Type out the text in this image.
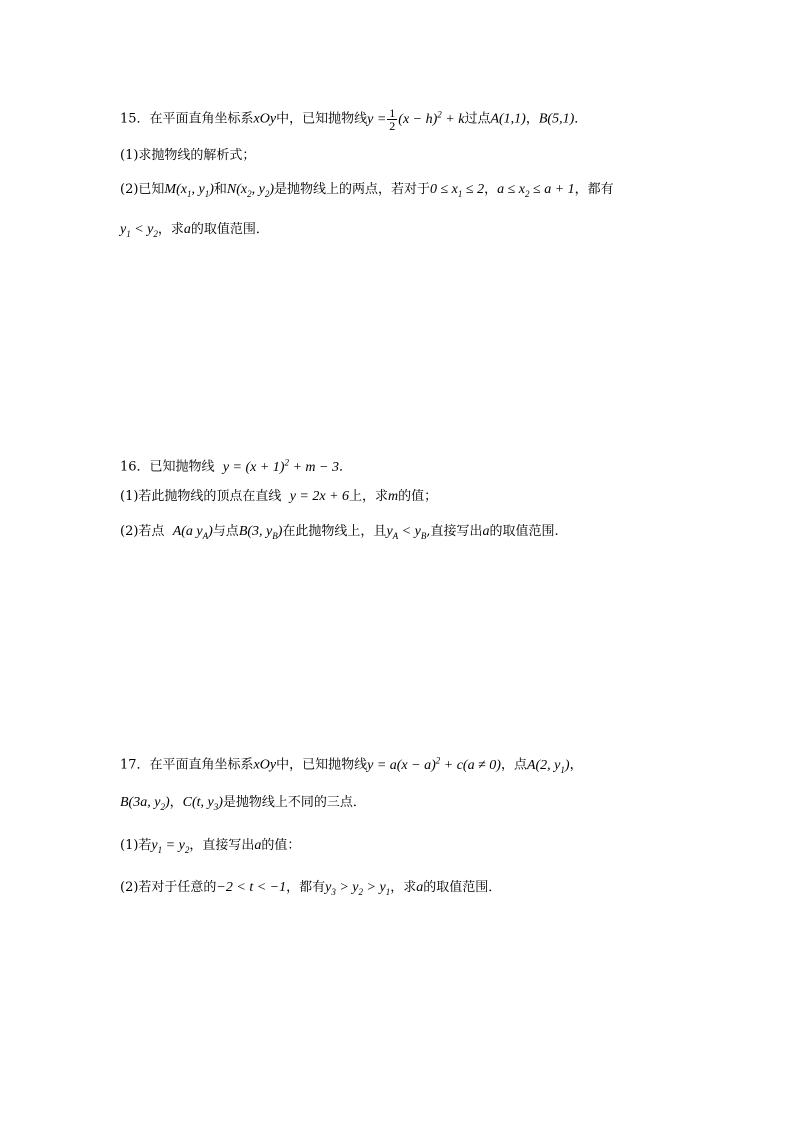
15．在平面直角坐标系xOy中，已知抛物线$y = \frac{1}{2} (x - h)^2 + k$过点A(1,1)，B(5,1)．
(1)求抛物线的解析式；
(2)已知$M(x_1$, $y_1$)和$N(x_2$, $y_2$)是抛物线上的两点，若对于$0 \le x_1 \le 2$，$a \le x_2 \le a + 1$，都有
$y_1 < y_2$，求a的取值范围．
16．已知抛物线 $y = (x + 1)^2 + m - 3$．
(1)若此抛物线的顶点在直线 y = 2x + 6上，求m的值；
(2)若点 A(a $y_A$)与点B(3, $y_B$)在此抛物线上，且$y_A < y_B$,直接写出a的取值范围.
17．在平面直角坐标系xOy中，已知抛物线$y = a(x - a)^2 + c(a \ne 0)$，点A(2, $y_1$)，
B(3a, $y_2$)，C(t, $y_3$)是抛物线上不同的三点．
(1)若$y_1 = y_2$，直接写出a的值：
(2)若对于任意的−2 < t < −1，都有$y_3 > y_2 > y_1$，求a的取值范围．
